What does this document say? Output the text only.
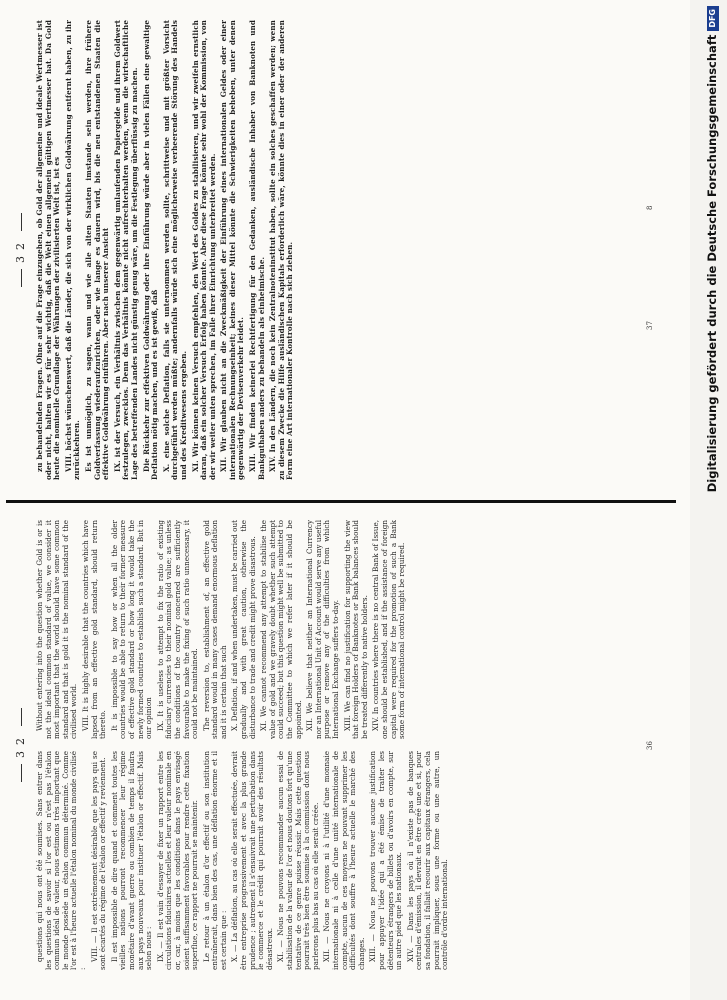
32

questions qui nous ont été soumises. Sans entrer dans les questions de savoir si l'or est ou n'est pas l'étalon commun idéal de valeur, nous estimons très important que le monde possède un étalon commun déterminé. Comme l'or est à l'heure actuelle l'étalon nominal du monde civilisé :

VIII. — Il est extrêmement désirable que les pays qui se sont écartés du régime de l'étalon or effectif y reviennent. Il est impossible de dire quand et comment toutes les vieilles nations pourront recommencer leur régime monétaire d'avant guerre ou combien de temps il faudra aux pays nouveaux pour instituer l'étalon or effectif. Mais selon nous : IX. — Il est vain d'essayer de fixer un rapport entre les circulations fiduciaires actuelles et leur valeur nominale en or, car, à moins que les conditions dans le pays envisagé soient suffisamment favorables pour rendre cette fixation superflue, ce rapport ne pourrait se maintenir. Le retour à un étalon d'or effectif ou son institution entraînerait, dans bien des cas, une déflation énorme et il est certain que : X. — La déflation, au cas où elle serait effectuée, devrait être entreprise progressivement et avec la plus grande prudence ; autrement il s'ensuivrait une perturbation dans le commerce et le crédit qui pourrait avoir des résultats désastreux. XI. — Nous ne pouvons recommander aucun essai de stabilisation de la valeur de l'or et nous doutons fort qu'une tentative de ce genre puisse réussir. Mais cette question pourrait très bien être soumise à la commission dont nous parlerons plus bas au cas où elle serait créée. XII. — Nous ne croyons ni à l'utilité d'une monnaie internationale ni à celle d'une unité internationale de compte, aucun de ces moyens ne pouvant supprimer les difficultés dont souffre à l'heure actuelle le marché des changes. XIII. — Nous ne pouvons trouver aucune justification pour appuyer l'idée qui a été émise de traiter les détenteurs étrangers de billets ou d'avoirs en compte, sur un autre pied que les nationaux. XIV. — Dans les pays où il n'existe pas de banques centrales d'émission, il devrait en être créé une et si, pour sa fondation, il fallait recourir aux capitaux étrangers, cela pourrait impliquer, sous une forme ou une autre, un contrôle d'ordre international.

Without entering into the question whether Gold is or is not the ideal common standard of value, we consider it most important that the world should have some common standard and that is gold it is the nominal standard of the civilised world. VIII. It is highly desirable that the countries which have lapsed from an effective gold standard, should return thereto. It is impossible to say how or when all the older countries would be able to return to their former measure of effective gold standard or how long it would take the newly formed countries to establish such a standard. But in our opinion IX. It is useless to attempt to fix the ratio of existing fiduciary currencies to their nominal gold value; as unless the conditions of the country concerned are sufficiently favourable to make the fixing of such ratio unnecessary, it could not be maintained. The reversion to, establishment of, an effective gold standard would in many cases demand enormous deflation and it is certain that such X. Deflation, if and when undertaken, must be carried out gradually and with great caution, otherwise the disturbance to trade and credit might prove disastrous. XI. We cannot recommend any attempt to stabilise the value of gold and we gravely doubt whether such attempt could succeed; but this question might well be submitted to the Committee to which we refer later if it should be appointed. XII. We believe that neither an International Currency nor an International Unit of Account would serve any useful purpose or remove any of the difficulties from which International Exchange suffers to-day. XIII. We can find no justification for supporting the view that foreign Holders of Banknotes or Bank balances should be treated differently to native holders. XIV. In countries where there is no central Bank of Issue, one should be established, and if the assistance of foreign capital were required for the promotion of such a Bank some form of international control might be required.

36
32 zu behandelnden Fragen. Ohne auf die Frage einzugehen, ob Gold der allgemeine und ideale Wertmesser ist oder nicht, halten wir es für sehr wichtig, daß die Welt einen allgemein gültigen Wertmesser hat. Da Gold heute die nominelle Grundlage der Währungen der zivilisierten Welt ist, ist es VIII. höchst wünschenswert, daß die Länder, die sich von der wirklichen Goldwährung entfernt haben, zu ihr zurückkehren. Es ist unmöglich, zu sagen, wann und wie alle alten Staaten imstande sein werden, ihre frühere Goldverfassung wiederaufzurichten, oder wie lange es dauern wird, bis die neu entstandenen Staaten die effektive Goldwährung einführen. Aber nach unserer Ansicht IX. ist der Versuch, ein Verhältnis zwischen dem gegenwärtig umlaufenden Papiergelde und ihrem Goldwert festzulegen, zwecklos. Denn das Verhältnis könnte nicht aufrechterhalten werden, wenn die wirtschaftliche Lage des betreffenden Landes nicht günstig genug wäre, um die Festlegung überflüssig zu machen. Die Rückkehr zur effektiven Goldwährung oder ihre Einführung würde aber in vielen Fällen eine gewaltige Deflation nötig machen, und es ist gewiß, daß X. eine solche Deflation, falls sie unternommen werden sollte, schrittweise und mit größter Vorsicht durchgeführt werden müßte; andernfalls würde sich eine möglicherweise verheerende Störung des Handels und des Kreditwesens ergeben. XI. Wir können keinen Versuch empfehlen, den Wert des Goldes zu stabilisieren, und wir zweifeln ernstlich daran, daß ein solcher Versuch Erfolg haben könnte. Aber diese Frage könnte sehr wohl der Kommission, von der wir weiter unten sprechen, im Falle ihrer Einrichtung unterbreitet werden. XII. Wir glauben nicht an die Zweckmäßigkeit der Einführung eines internationalen Geldes oder einer internationalen Rechnungseinheit; keines dieser Mittel könnte die Schwierigkeiten beheben, unter denen gegenwärtig der Devisenverkehr leidet. XIII. Wir finden keinerlei Rechtfertigung für den Gedanken, ausländische Inhaber von Banknoten und Bankguthaben anders zu behandeln als einheimische. XIV. In den Ländern, die noch kein Zentralnoteninstitut haben, sollte ein solches geschaffen werden; wenn zu diesem Zwecke die Hilfe ausländischen Kapitals erforderlich wäre, könnte dies in einer oder der anderen Form eine Art internationaler Kontrolle nach sich ziehen.	37
8	Digitalisierung gefördert durch die Deutsche ForschungsgemeinschaftDFG
